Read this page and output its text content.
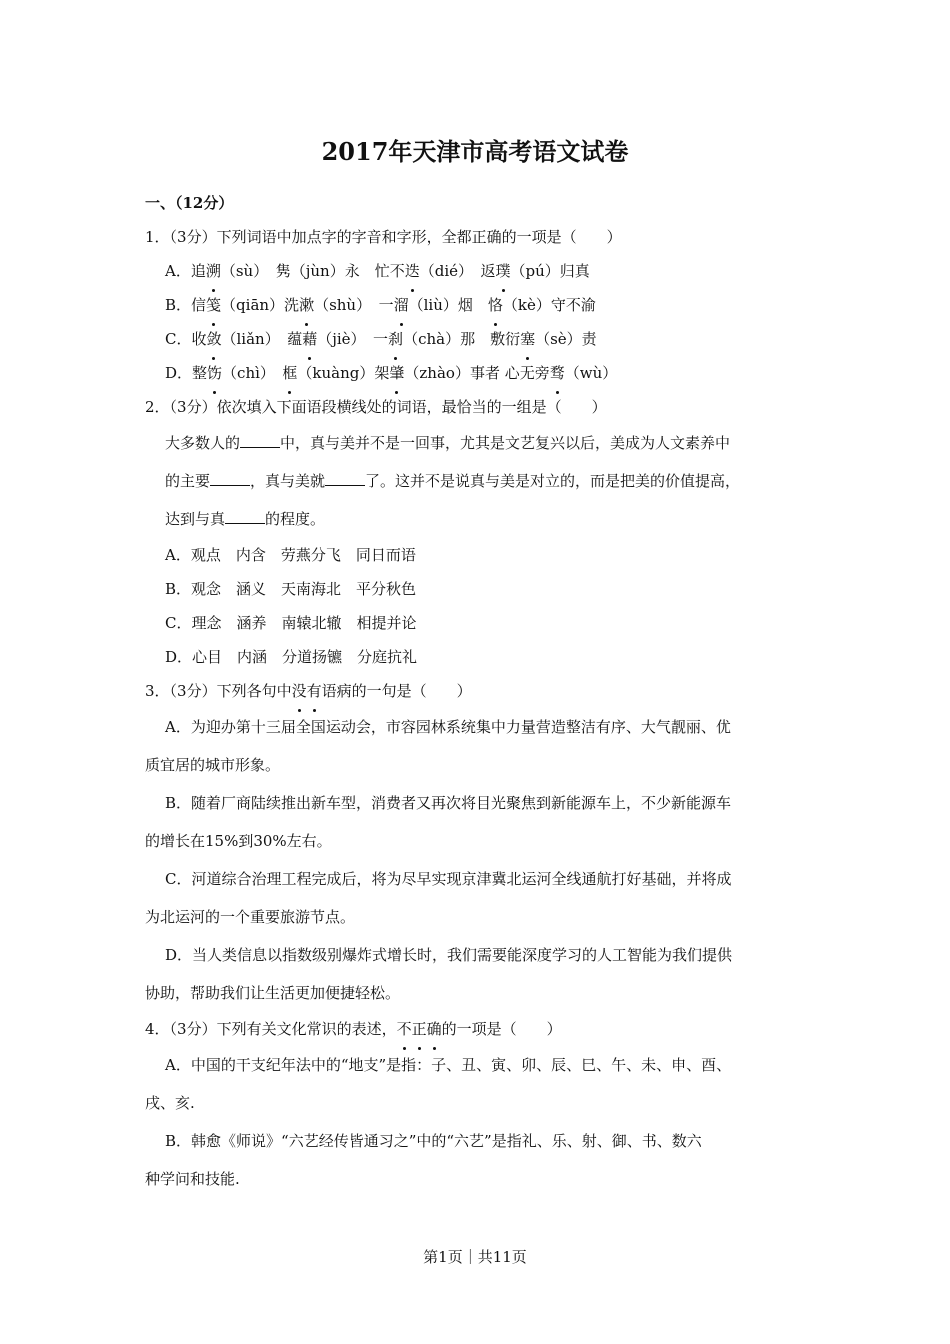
2017年天津市高考语文试卷
一、（12分）
1．（3分）下列词语中加点字的字音和字形，全都正确的一项是（　　）
A．追溯（sù）　隽（jùn）永　忙不迭（dié）　返璞（pú）归真
B．信笺（qiān）洗漱（shù）　一溜（liù）烟　恪（kè）守不渝
C．收敛（liǎn）　蕴藉（jiè）　一刹（chà）那　敷衍塞（sè）责
D．整饬（chì）　框（kuàng）架肇（zhào）事者 心无旁骛（wù）
2．（3分）依次填入下面语段横线处的词语，最恰当的一组是（　　）
大多数人的	中，真与美并不是一回事，尤其是文艺复兴以后，美成为人文素养中
的主要	，真与美就	了。这并不是说真与美是对立的，而是把美的价值提高，
达到与真	的程度。
A．观点　内含　劳燕分飞　同日而语
B．观念　涵义　天南海北　平分秋色
C．理念　涵养　南辕北辙　相提并论
D．心目　内涵　分道扬镳　分庭抗礼
3．（3分）下列各句中没有语病的一句是（　　）
A．为迎办第十三届全国运动会，市容园林系统集中力量营造整洁有序、大气靓丽、优
质宜居的城市形象。
B．随着厂商陆续推出新车型，消费者又再次将目光聚焦到新能源车上，不少新能源车
的增长在15%到30%左右。
C．河道综合治理工程完成后，将为尽早实现京津冀北运河全线通航打好基础，并将成
为北运河的一个重要旅游节点。
D．当人类信息以指数级别爆炸式增长时，我们需要能深度学习的人工智能为我们提供
协助，帮助我们让生活更加便捷轻松。
4．（3分）下列有关文化常识的表述，不正确的一项是（　　）
A．中国的干支纪年法中的“地支”是指：子、丑、寅、卯、辰、巳、午、未、申、酉、
戌、亥.
B．韩愈《师说》“六艺经传皆通习之”中的“六艺”是指礼、乐、射、御、书、数六
种学问和技能.
第1页｜共11页
